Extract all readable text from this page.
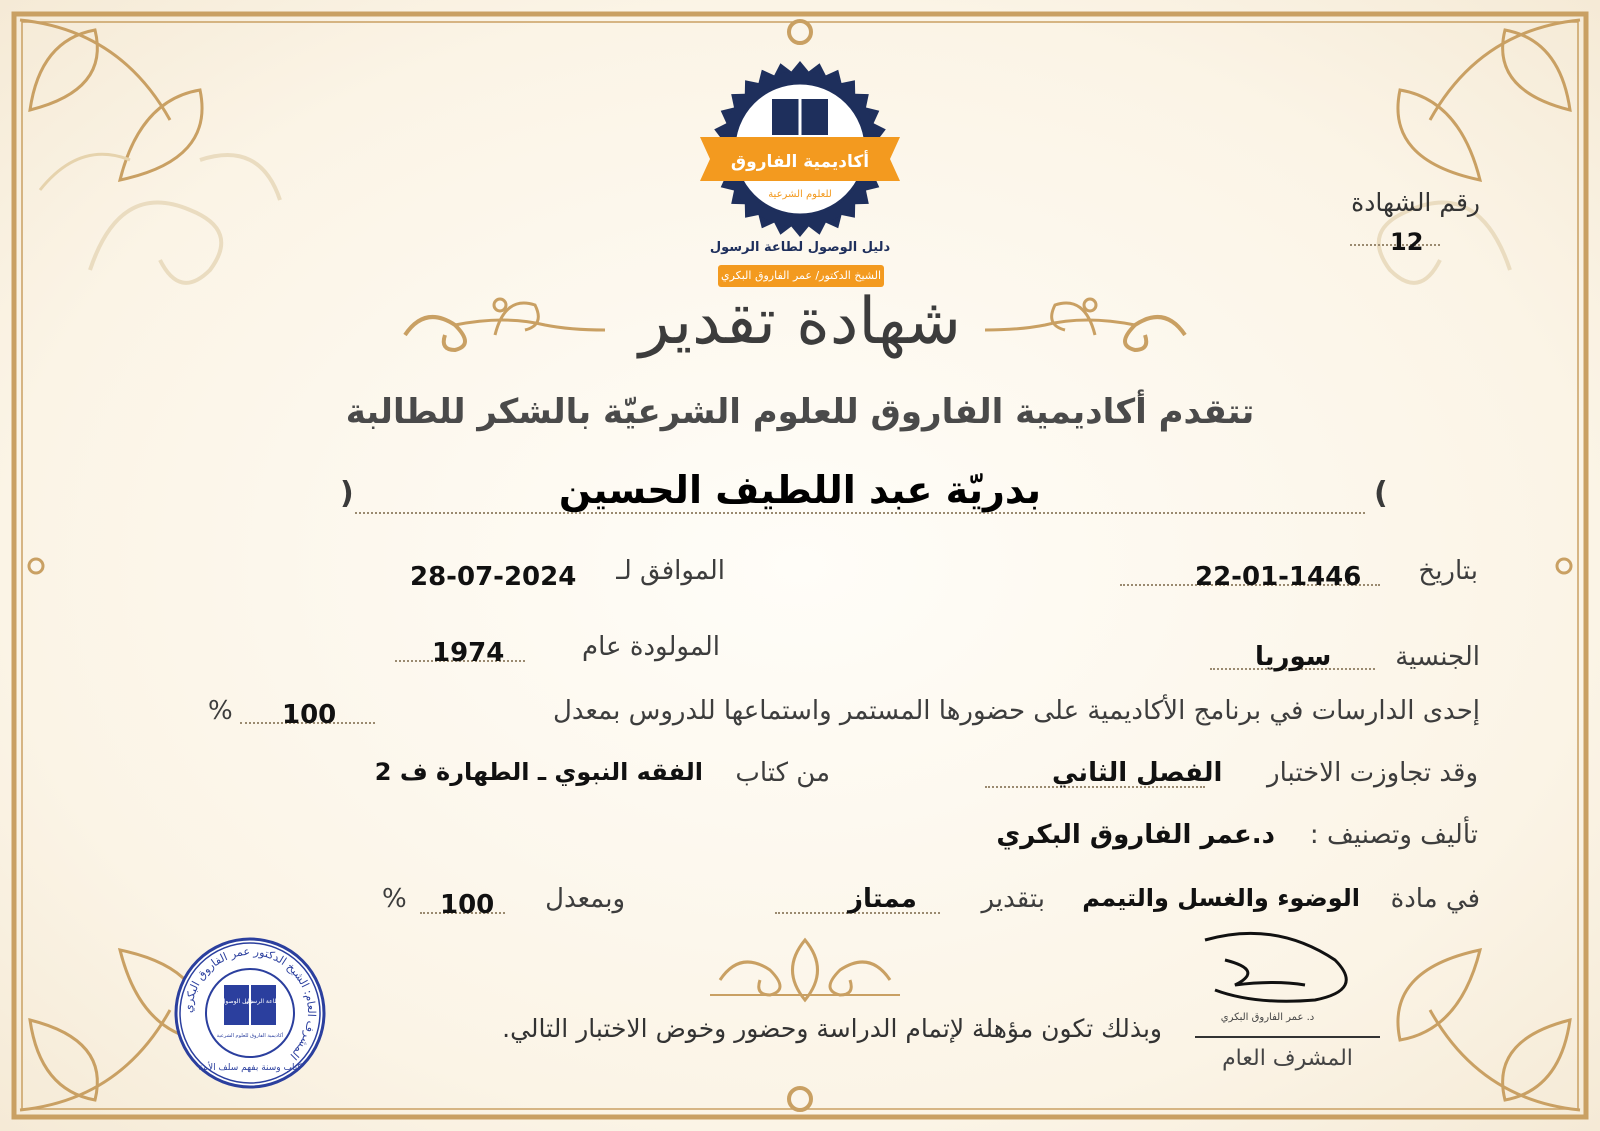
أكاديمية الفاروق
للعلوم الشرعية
دليل الوصول لطاعة الرسول
الشيخ الدكتور/ عمر الفاروق البكري
رقم الشهادة
12
شهادة تقدير
تتقدم أكاديمية الفاروق للعلوم الشرعيّة بالشكر للطالبة
)	(
بدريّة عبد اللطيف الحسين
بتاريخ
22-01-1446
الموافق لـ
28-07-2024
الجنسية
سوريا
المولودة عام
1974
إحدى الدارسات في برنامج الأكاديمية على حضورها المستمر واستماعها للدروس بمعدل
100
%
وقد تجاوزت الاختبار
الفصل الثاني
من كتاب
الفقه النبوي ـ الطهارة ف 2
تأليف وتصنيف :
د.عمر الفاروق البكري
في مادة
الوضوء والغسل والتيمم
بتقدير
ممتاز
وبمعدل
100
%
وبذلك تكون مؤهلة لإتمام الدراسة وحضور وخوض الاختبار التالي.	د. عمر الفاروق البكري
المشرف العام
المشرف العام: الشيخ الدكتور عمر الفاروق البكري
كتاب وسنة بفهم سلف الأمة
دليل الوصول
لطاعة الرسول
أكاديمية الفاروق للعلوم الشرعية
